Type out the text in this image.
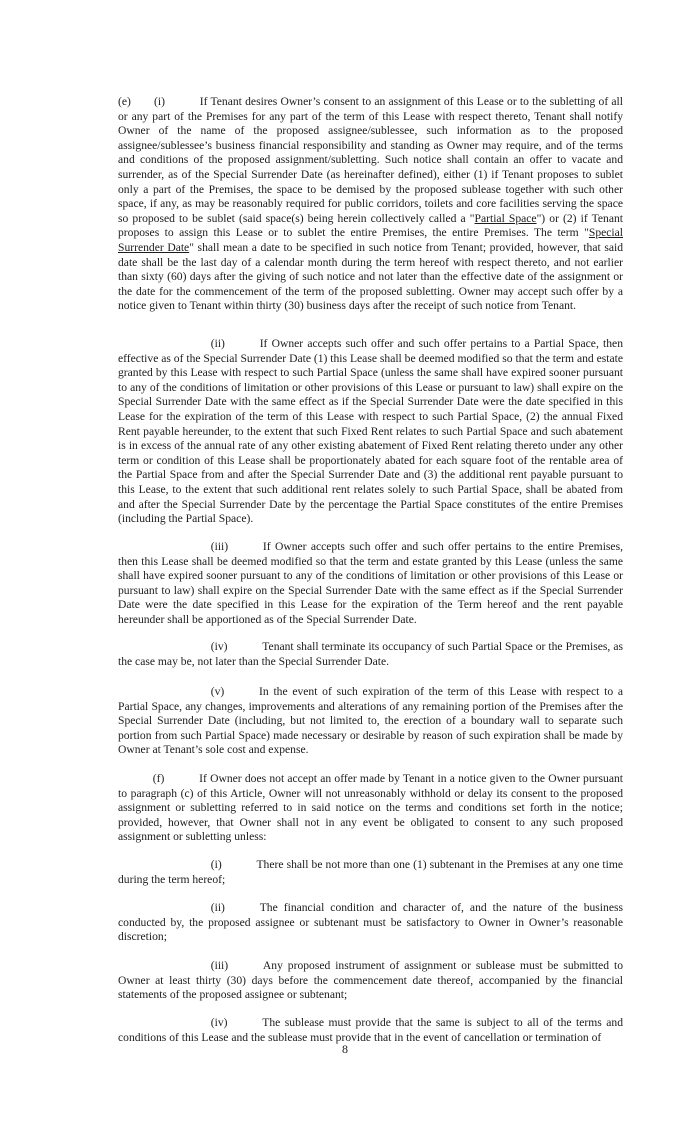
(e)  (i)   If Tenant desires Owner’s consent to an assignment of this Lease or to the subletting of all or any part of the Premises for any part of the term of this Lease with respect thereto, Tenant shall notify Owner of the name of the proposed assignee/sublessee, such information as to the proposed assignee/sublessee’s business financial responsibility and standing as Owner may require, and of the terms and conditions of the proposed assignment/subletting. Such notice shall contain an offer to vacate and surrender, as of the Special Surrender Date (as hereinafter defined), either (1) if Tenant proposes to sublet only a part of the Premises, the space to be demised by the proposed sublease together with such other space, if any, as may be reasonably required for public corridors, toilets and core facilities serving the space so proposed to be sublet (said space(s) being herein collectively called a "Partial Space") or (2) if Tenant proposes to assign this Lease or to sublet the entire Premises, the entire Premises. The term "Special Surrender Date" shall mean a date to be specified in such notice from Tenant; provided, however, that said date shall be the last day of a calendar month during the term hereof with respect thereto, and not earlier than sixty (60) days after the giving of such notice and not later than the effective date of the assignment or the date for the commencement of the term of the proposed subletting. Owner may accept such offer by a notice given to Tenant within thirty (30) business days after the receipt of such notice from Tenant.

        (ii)   If Owner accepts such offer and such offer pertains to a Partial Space, then effective as of the Special Surrender Date (1) this Lease shall be deemed modified so that the term and estate granted by this Lease with respect to such Partial Space (unless the same shall have expired sooner pursuant to any of the conditions of limitation or other provisions of this Lease or pursuant to law) shall expire on the Special Surrender Date with the same effect as if the Special Surrender Date were the date specified in this Lease for the expiration of the term of this Lease with respect to such Partial Space, (2) the annual Fixed Rent payable hereunder, to the extent that such Fixed Rent relates to such Partial Space and such abatement is in excess of the annual rate of any other existing abatement of Fixed Rent relating thereto under any other term or condition of this Lease shall be proportionately abated for each square foot of the rentable area of the Partial Space from and after the Special Surrender Date and (3) the additional rent payable pursuant to this Lease, to the extent that such additional rent relates solely to such Partial Space, shall be abated from and after the Special Surrender Date by the percentage the Partial Space constitutes of the entire Premises (including the Partial Space).

        (iii)   If Owner accepts such offer and such offer pertains to the entire Premises, then this Lease shall be deemed modified so that the term and estate granted by this Lease (unless the same shall have expired sooner pursuant to any of the conditions of limitation or other provisions of this Lease or pursuant to law) shall expire on the Special Surrender Date with the same effect as if the Special Surrender Date were the date specified in this Lease for the expiration of the Term hereof and the rent payable hereunder shall be apportioned as of the Special Surrender Date.

        (iv)   Tenant shall terminate its occupancy of such Partial Space or the Premises, as the case may be, not later than the Special Surrender Date.

        (v)   In the event of such expiration of the term of this Lease with respect to a Partial Space, any changes, improvements and alterations of any remaining portion of the Premises after the Special Surrender Date (including, but not limited to, the erection of a boundary wall to separate such portion from such Partial Space) made necessary or desirable by reason of such expiration shall be made by Owner at Tenant’s sole cost and expense.

   (f)   If Owner does not accept an offer made by Tenant in a notice given to the Owner pursuant to paragraph (c) of this Article, Owner will not unreasonably withhold or delay its consent to the proposed assignment or subletting referred to in said notice on the terms and conditions set forth in the notice; provided, however, that Owner shall not in any event be obligated to consent to any such proposed assignment or subletting unless:

        (i)   There shall be not more than one (1) subtenant in the Premises at any one time during the term hereof;

        (ii)   The financial condition and character of, and the nature of the business conducted by, the proposed assignee or subtenant must be satisfactory to Owner in Owner’s reasonable discretion;

        (iii)   Any proposed instrument of assignment or sublease must be submitted to Owner at least thirty (30) days before the commencement date thereof, accompanied by the financial statements of the proposed assignee or subtenant;

        (iv)   The sublease must provide that the same is subject to all of the terms and conditions of this Lease and the sublease must provide that in the event of cancellation or termination of

8
